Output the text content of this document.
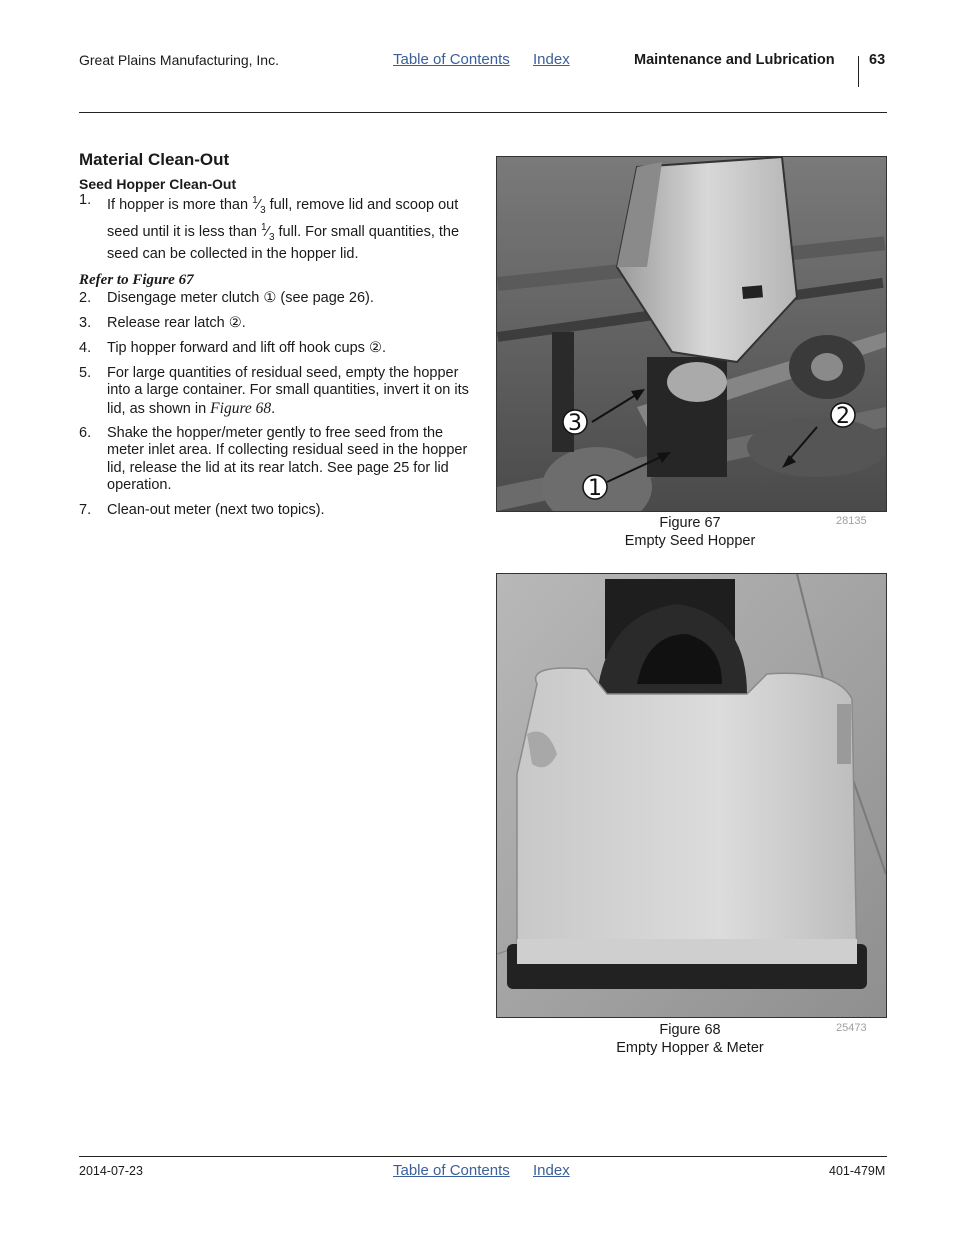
Great Plains Manufacturing, Inc.	Table of Contents Index	Maintenance and Lubrication 63
Material Clean-Out
Seed Hopper Clean-Out
1. If hopper is more than $^1⁄_3$ full, remove lid and scoop out seed until it is less than $^1⁄_3$ full. For small quantities, the seed can be collected in the hopper lid.
Refer to Figure 67
2. Disengage meter clutch ① (see page 26).
3. Release rear latch ②.
4. Tip hopper forward and lift off hook cups ②.
5. For large quantities of residual seed, empty the hopper into a large container. For small quantities, invert it on its lid, as shown in Figure 68.
6. Shake the hopper/meter gently to free seed from the meter inlet area. If collecting residual seed in the hopper lid, release the lid at its rear latch. See page 25 for lid operation.
7. Clean-out meter (next two topics).
3	2
1
Figure 67
Empty Seed Hopper
28135
Figure 68
Empty Hopper & Meter
25473
2014-07-23	Table of Contents Index	401-479M
